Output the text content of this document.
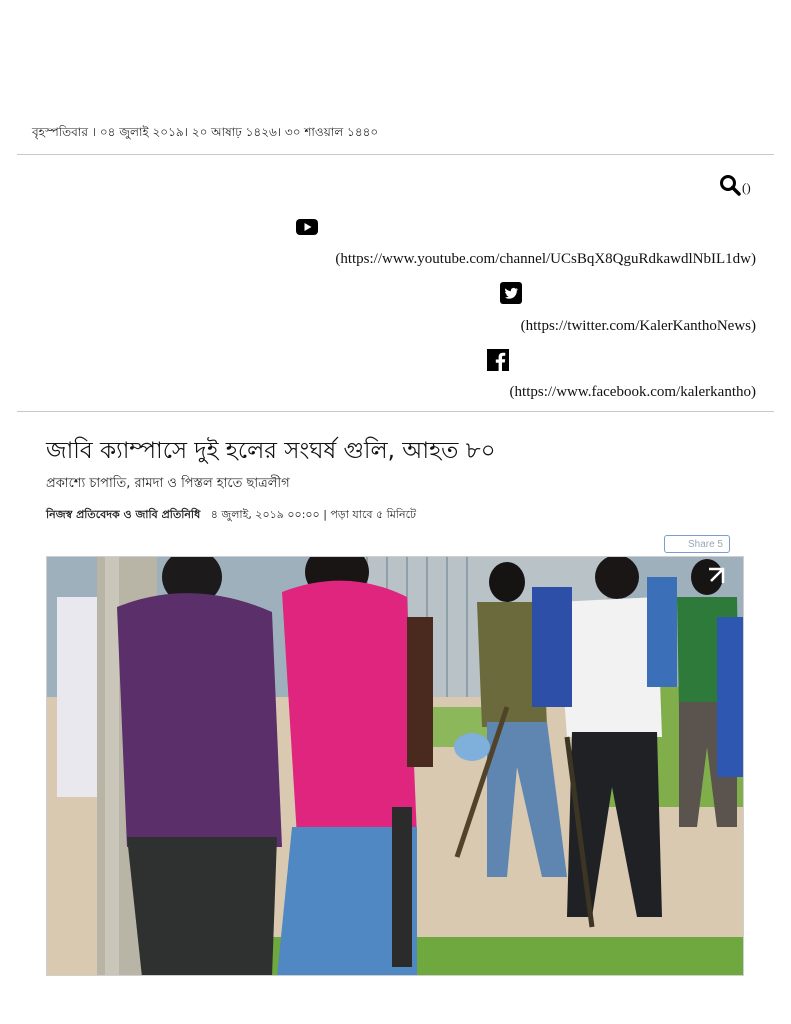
বৃহস্পতিবার । ০৪ জুলাই ২০১৯। ২০ আষাঢ় ১৪২৬। ৩০ শাওয়াল ১৪৪০
()
(https://www.youtube.com/channel/UCsBqX8QguRdkawdlNbIL1dw)
(https://twitter.com/KalerKanthoNews)
(https://www.facebook.com/kalerkantho)
জাবি ক্যাম্পাসে দুই হলের সংঘর্ষ গুলি, আহত ৮০
প্রকাশ্যে চাপাতি, রামদা ও পিস্তল হাতে ছাত্রলীগ
নিজস্ব প্রতিবেদক ও জাবি প্রতিনিধি ৪ জুলাই, ২০১৯ ০০:০০ | পড়া যাবে ৫ মিনিটে
Share 5
